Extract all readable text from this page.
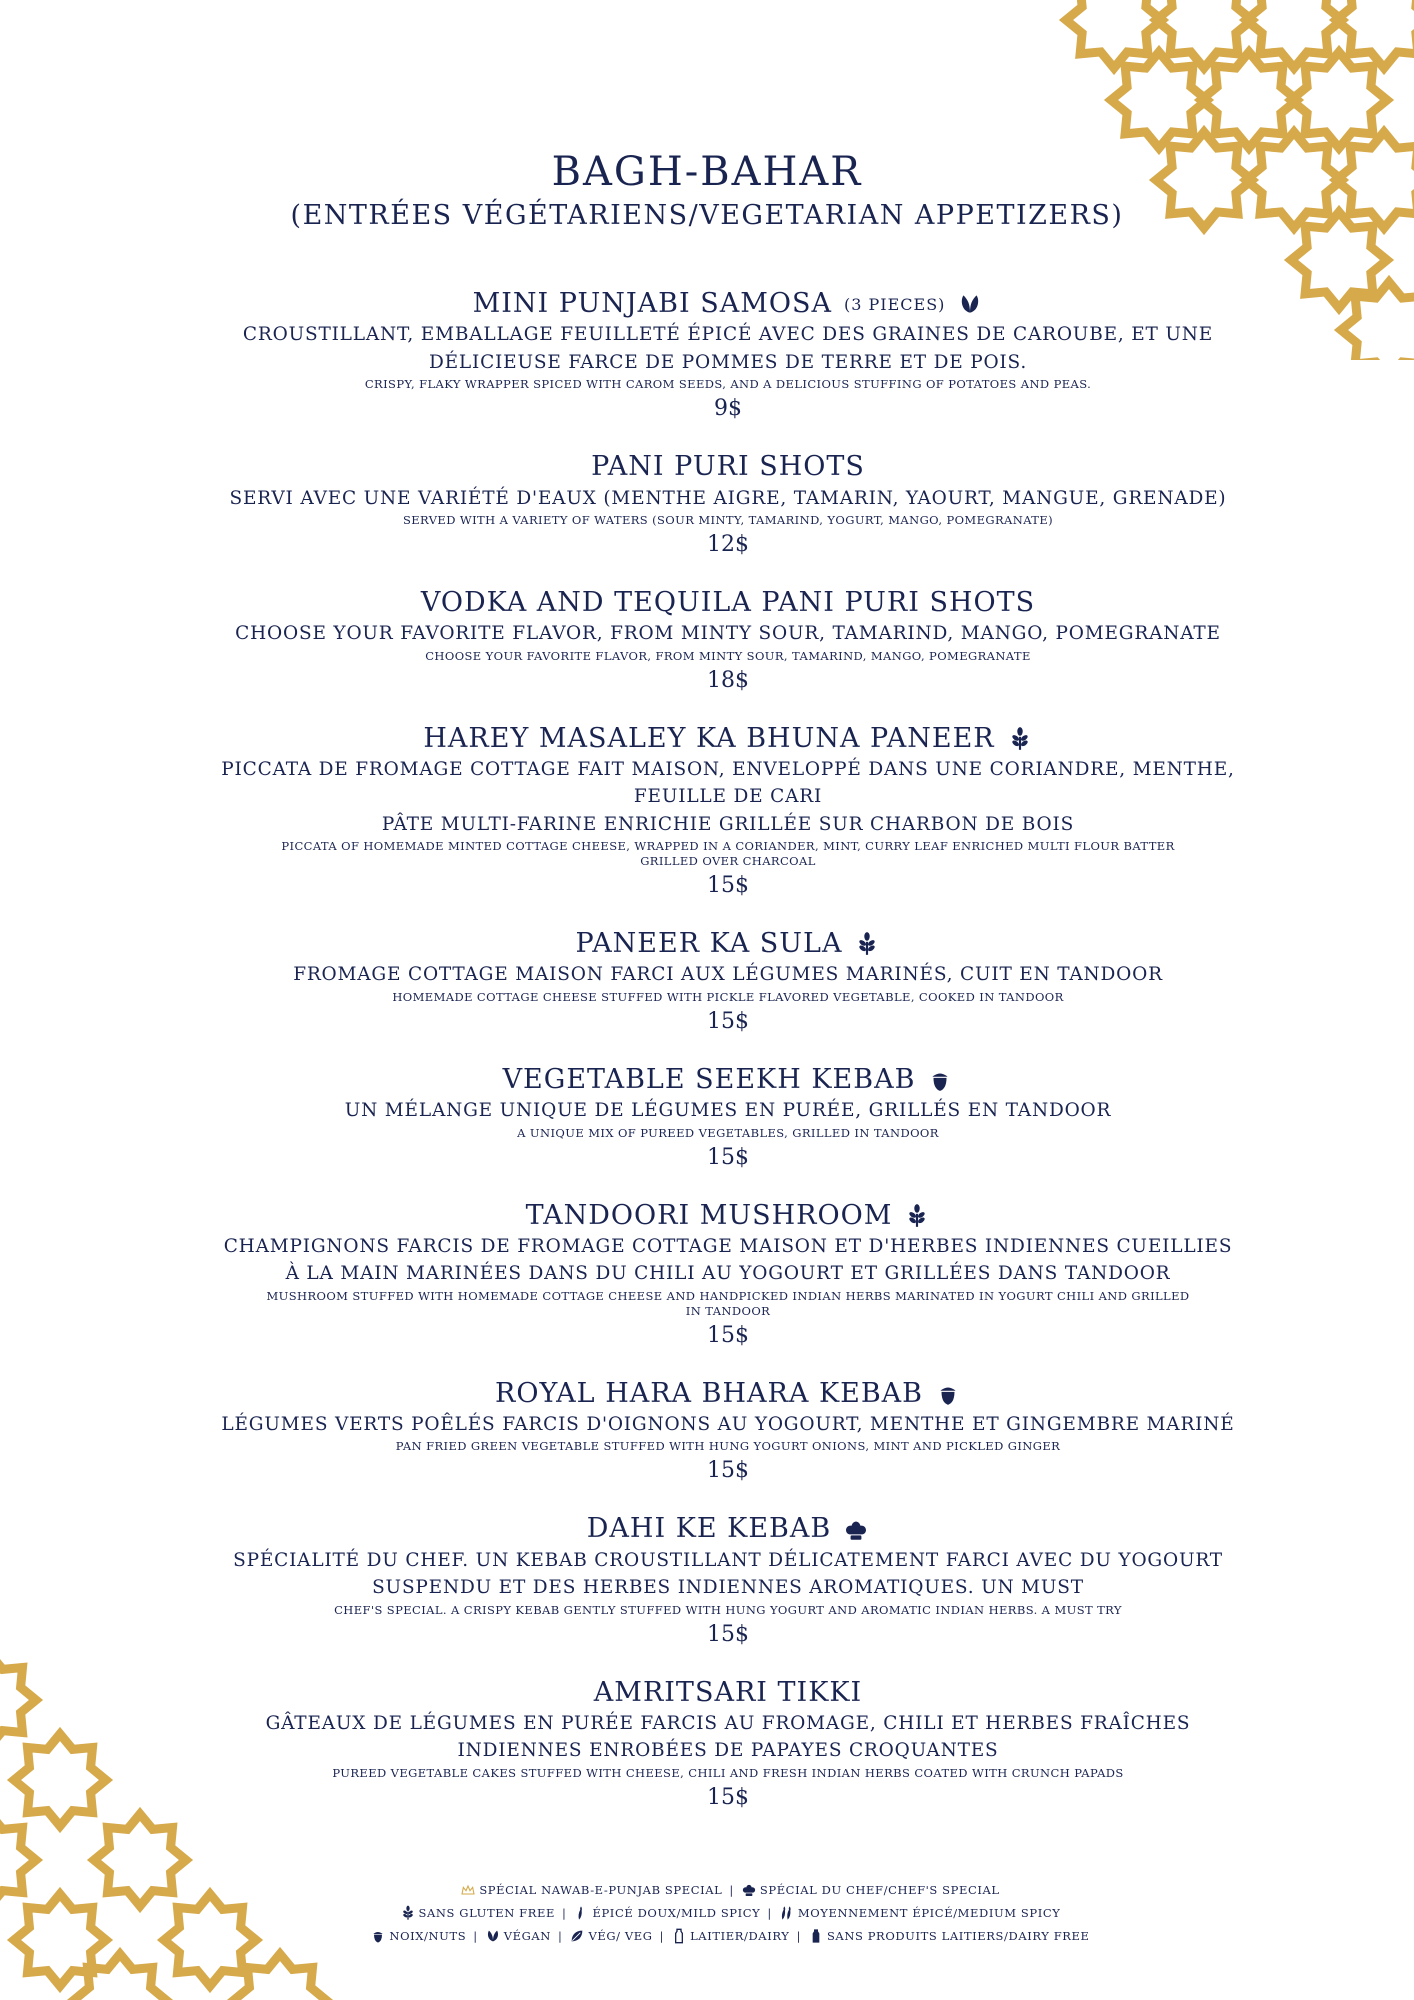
BAGH-BAHAR
(ENTRÉES VÉGÉTARIENS/VEGETARIAN APPETIZERS)
MINI PUNJABI SAMOSA (3 PIECES)
CROUSTILLANT, EMBALLAGE FEUILLETÉ ÉPICÉ AVEC DES GRAINES DE CAROUBE, ET UNE
DÉLICIEUSE FARCE DE POMMES DE TERRE ET DE POIS.
CRISPY, FLAKY WRAPPER SPICED WITH CAROM SEEDS, AND A DELICIOUS STUFFING OF POTATOES AND PEAS.
9$
PANI PURI SHOTS
SERVI AVEC UNE VARIÉTÉ D'EAUX (MENTHE AIGRE, TAMARIN, YAOURT, MANGUE, GRENADE)
SERVED WITH A VARIETY OF WATERS (SOUR MINTY, TAMARIND, YOGURT, MANGO, POMEGRANATE)
12$
VODKA AND TEQUILA PANI PURI SHOTS
CHOOSE YOUR FAVORITE FLAVOR, FROM MINTY SOUR, TAMARIND, MANGO, POMEGRANATE
CHOOSE YOUR FAVORITE FLAVOR, FROM MINTY SOUR, TAMARIND, MANGO, POMEGRANATE
18$
HAREY MASALEY KA BHUNA PANEER
PICCATA DE FROMAGE COTTAGE FAIT MAISON, ENVELOPPÉ DANS UNE CORIANDRE, MENTHE,
FEUILLE DE CARI
PÂTE MULTI-FARINE ENRICHIE GRILLÉE SUR CHARBON DE BOIS
PICCATA OF HOMEMADE MINTED COTTAGE CHEESE, WRAPPED IN A CORIANDER, MINT, CURRY LEAF ENRICHED MULTI FLOUR BATTER
GRILLED OVER CHARCOAL
15$
PANEER KA SULA
FROMAGE COTTAGE MAISON FARCI AUX LÉGUMES MARINÉS, CUIT EN TANDOOR
HOMEMADE COTTAGE CHEESE STUFFED WITH PICKLE FLAVORED VEGETABLE, COOKED IN TANDOOR
15$
VEGETABLE SEEKH KEBAB
UN MÉLANGE UNIQUE DE LÉGUMES EN PURÉE, GRILLÉS EN TANDOOR
A UNIQUE MIX OF PUREED VEGETABLES, GRILLED IN TANDOOR
15$
TANDOORI MUSHROOM
CHAMPIGNONS FARCIS DE FROMAGE COTTAGE MAISON ET D'HERBES INDIENNES CUEILLIES
À LA MAIN MARINÉES DANS DU CHILI AU YOGOURT ET GRILLÉES DANS TANDOOR
MUSHROOM STUFFED WITH HOMEMADE COTTAGE CHEESE AND HANDPICKED INDIAN HERBS MARINATED IN YOGURT CHILI AND GRILLED
IN TANDOOR
15$
ROYAL HARA BHARA KEBAB
LÉGUMES VERTS POÊLÉS FARCIS D'OIGNONS AU YOGOURT, MENTHE ET GINGEMBRE MARINÉ
PAN FRIED GREEN VEGETABLE STUFFED WITH HUNG YOGURT ONIONS, MINT AND PICKLED GINGER
15$
DAHI KE KEBAB
SPÉCIALITÉ DU CHEF. UN KEBAB CROUSTILLANT DÉLICATEMENT FARCI AVEC DU YOGOURT
SUSPENDU ET DES HERBES INDIENNES AROMATIQUES. UN MUST
CHEF'S SPECIAL. A CRISPY KEBAB GENTLY STUFFED WITH HUNG YOGURT AND AROMATIC INDIAN HERBS. A MUST TRY
15$
AMRITSARI TIKKI
GÂTEAUX DE LÉGUMES EN PURÉE FARCIS AU FROMAGE, CHILI ET HERBES FRAÎCHES
INDIENNES ENROBÉES DE PAPAYES CROQUANTES
PUREED VEGETABLE CAKES STUFFED WITH CHEESE, CHILI AND FRESH INDIAN HERBS COATED WITH CRUNCH PAPADS
15$
SPÉCIAL NAWAB-E-PUNJAB SPECIAL | SPÉCIAL DU CHEF/CHEF'S SPECIAL
SANS GLUTEN FREE | ÉPICÉ DOUX/MILD SPICY | MOYENNEMENT ÉPICÉ/MEDIUM SPICY
NOIX/NUTS | VÉGAN | VÉG/ VEG | LAITIER/DAIRY | SANS PRODUITS LAITIERS/DAIRY FREE
